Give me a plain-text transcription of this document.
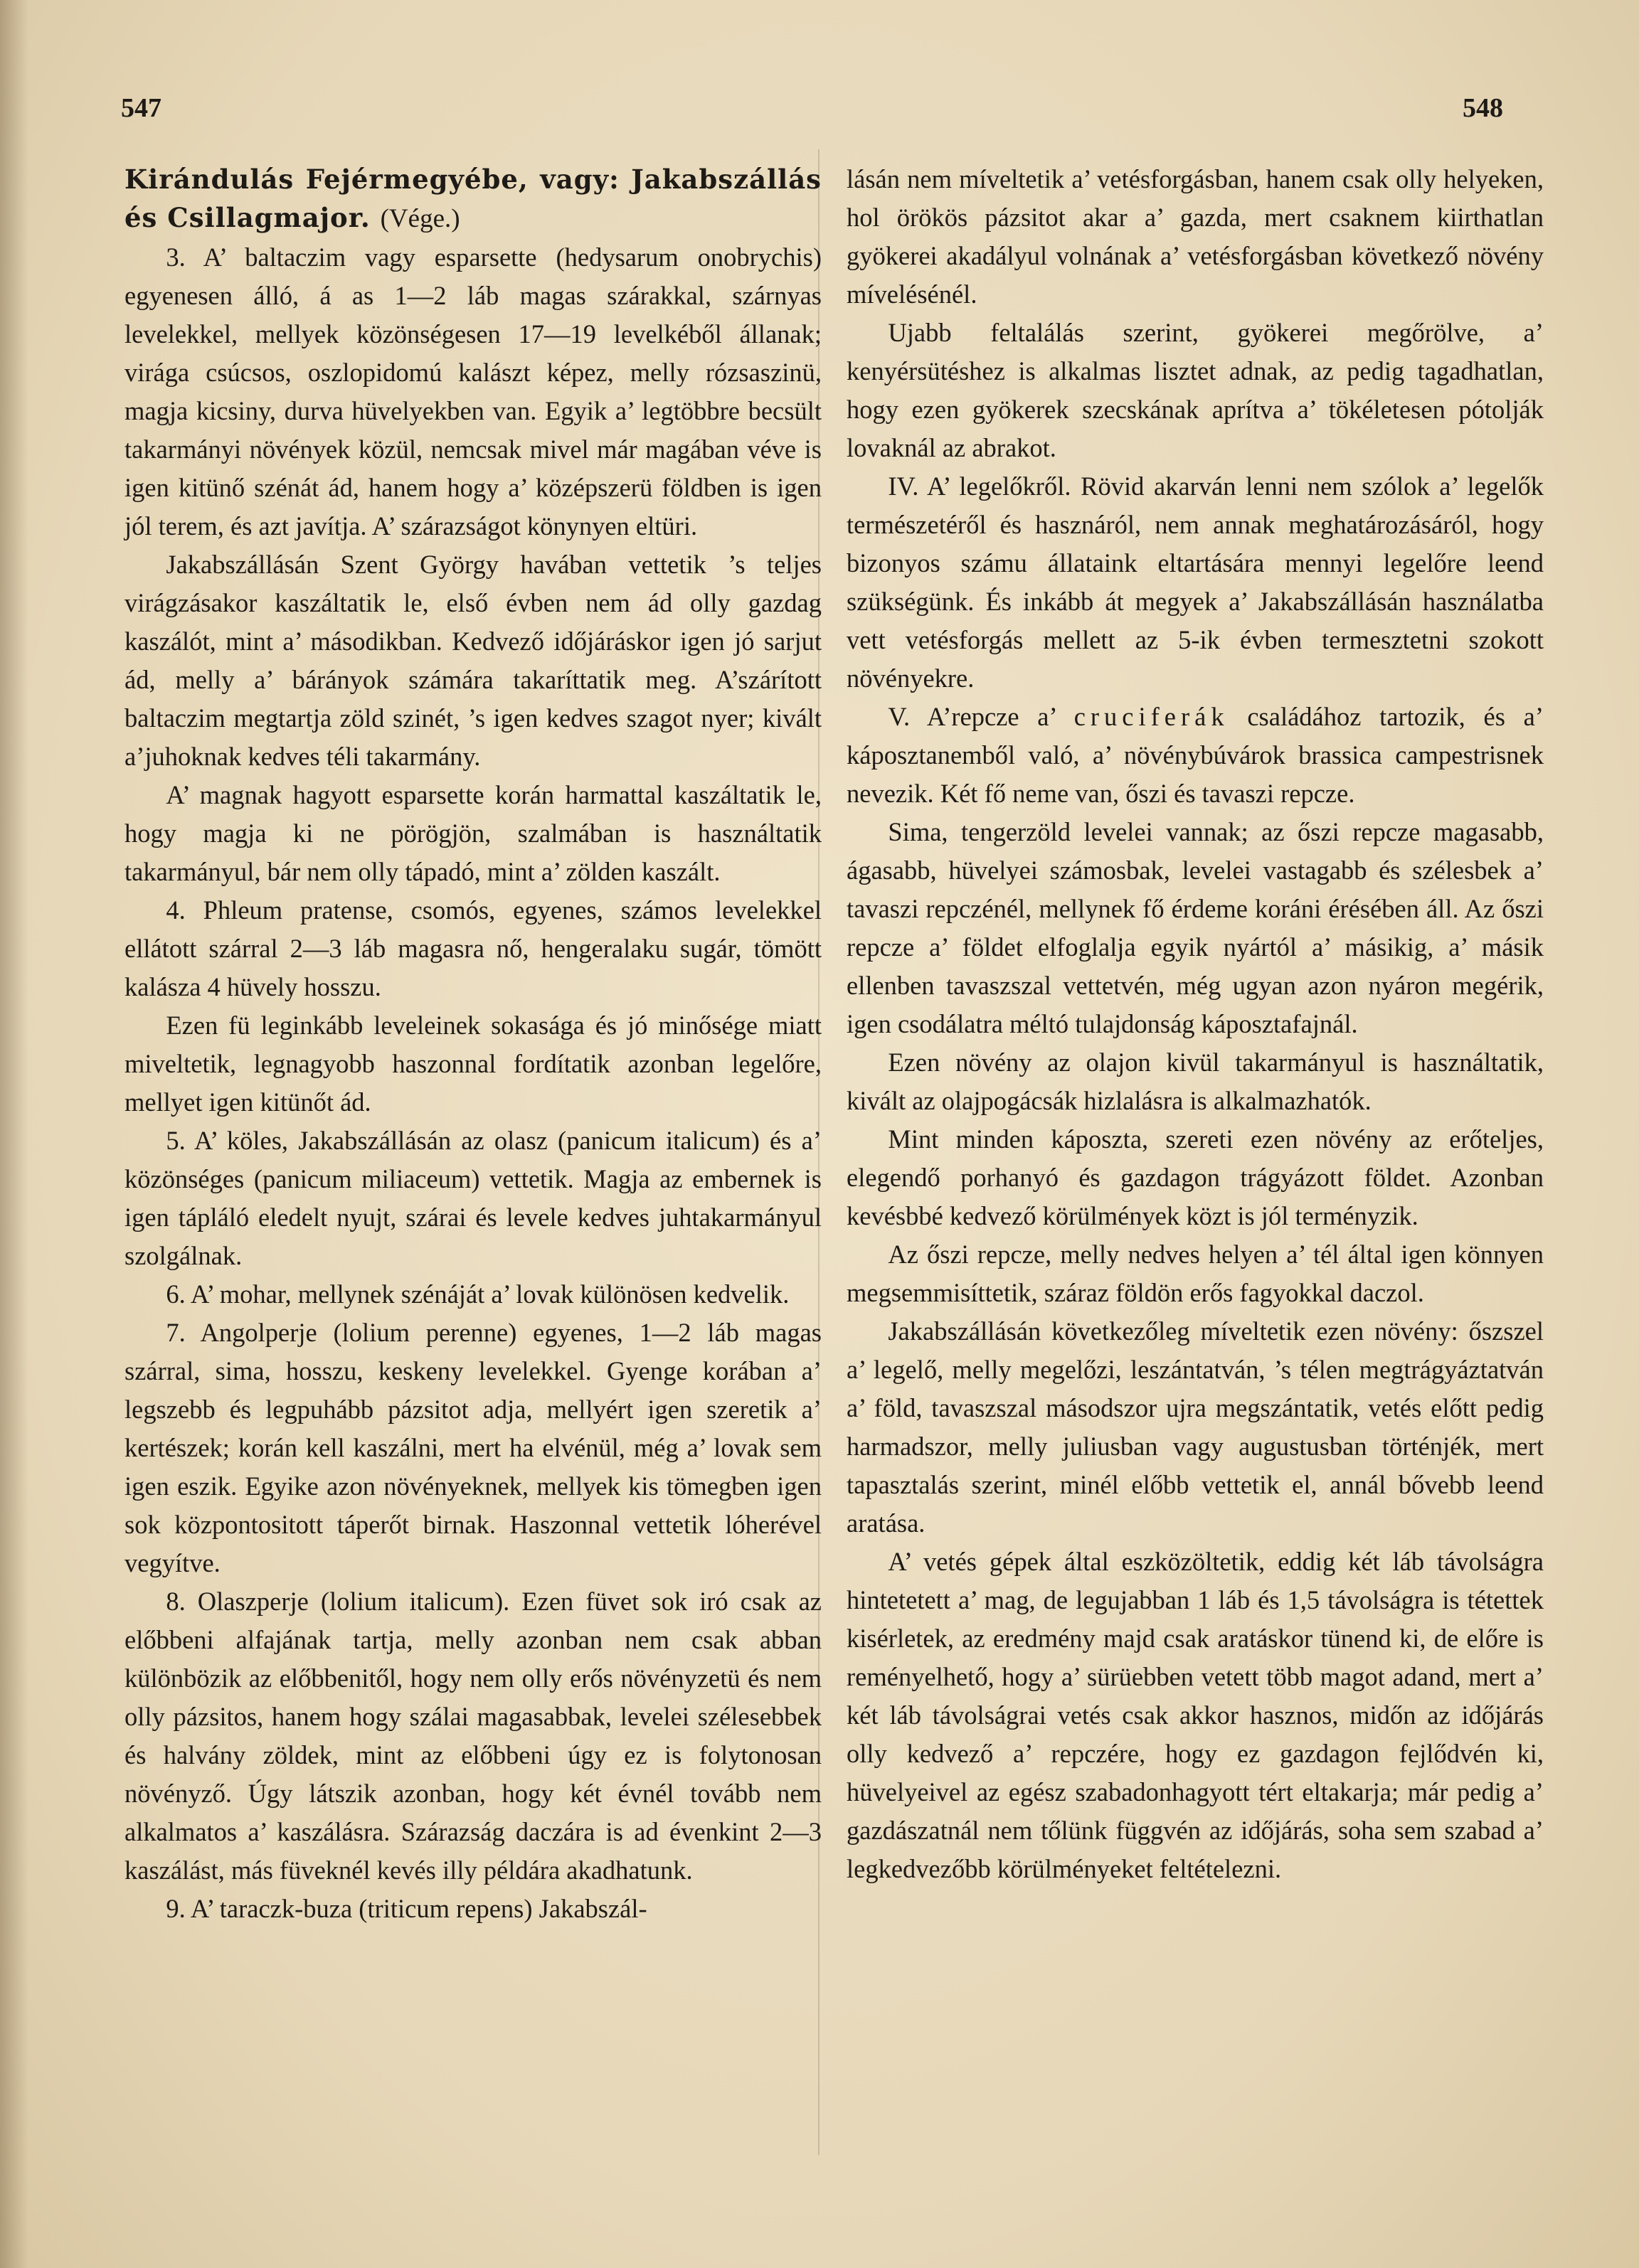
547	548

Kirándulás Fejérmegyébe, vagy: Jakabszállás és Csillagmajor. (Vége.)

3. A’ baltaczim vagy esparsette (hedysarum onobrychis) egyenesen álló, á as 1—2 láb magas szárakkal, szárnyas levelekkel, mellyek közönségesen 17—19 levelkéből állanak; virága csúcsos, oszlopidomú kalászt képez, melly rózsaszinü, magja kicsiny, durva hüvelyekben van. Egyik a’ legtöbbre becsült takarmányi növények közül, nemcsak mivel már magában véve is igen kitünő szénát ád, hanem hogy a’ középszerü földben is igen jól terem, és azt javítja. A’ szárazságot könynyen eltüri.

Jakabszállásán Szent György havában vettetik ’s teljes virágzásakor kaszáltatik le, első évben nem ád olly gazdag kaszálót, mint a’ másodikban. Kedvező időjáráskor igen jó sarjut ád, melly a’ bárányok számára takaríttatik meg. A’szárított baltaczim megtartja zöld szinét, ’s igen kedves szagot nyer; kivált a’juhoknak kedves téli takarmány.

A’ magnak hagyott esparsette korán harmattal kaszáltatik le, hogy magja ki ne pörögjön, szalmában is használtatik takarmányul, bár nem olly tápadó, mint a’ zölden kaszált.

4. Phleum pratense, csomós, egyenes, számos levelekkel ellátott szárral 2—3 láb magasra nő, hengeralaku sugár, tömött kalásza 4 hüvely hosszu.

Ezen fü leginkább leveleinek sokasága és jó minősége miatt miveltetik, legnagyobb haszonnal fordítatik azonban legelőre, mellyet igen kitünőt ád.

5. A’ köles, Jakabszállásán az olasz (panicum italicum) és a’ közönséges (panicum miliaceum) vettetik. Magja az embernek is igen tápláló eledelt nyujt, szárai és levele kedves juhtakarmányul szolgálnak.

6. A’ mohar, mellynek szénáját a’ lovak különösen kedvelik.

7. Angolperje (lolium perenne) egyenes, 1—2 láb magas szárral, sima, hosszu, keskeny levelekkel. Gyenge korában a’ legszebb és legpuhább pázsitot adja, mellyért igen szeretik a’ kertészek; korán kell kaszálni, mert ha elvénül, még a’ lovak sem igen eszik. Egyike azon növényeknek, mellyek kis tömegben igen sok központositott táperőt birnak. Haszonnal vettetik lóherével vegyítve.

8. Olaszperje (lolium italicum). Ezen füvet sok iró csak az előbbeni alfajának tartja, melly azonban nem csak abban különbözik az előbbenitől, hogy nem olly erős növényzetü és nem olly pázsitos, hanem hogy szálai magasabbak, levelei szélesebbek és halvány zöldek, mint az előbbeni úgy ez is folytonosan növényző. Úgy látszik azonban, hogy két évnél tovább nem alkalmatos a’ kaszálásra. Szárazság daczára is ad évenkint 2—3 kaszálást, más füveknél kevés illy példára akadhatunk.

9. A’ taraczk-buza (triticum repens) Jakabszál-

lásán nem míveltetik a’ vetésforgásban, hanem csak olly helyeken, hol örökös pázsitot akar a’ gazda, mert csaknem kiirthatlan gyökerei akadályul volnának a’ vetésforgásban következő növény mívelésénél.

Ujabb feltalálás szerint, gyökerei megőrölve, a’ kenyérsütéshez is alkalmas lisztet adnak, az pedig tagadhatlan, hogy ezen gyökerek szecskának aprítva a’ tökéletesen pótolják lovaknál az abrakot.

IV. A’ legelőkről. Rövid akarván lenni nem szólok a’ legelők természetéről és hasznáról, nem annak meghatározásáról, hogy bizonyos számu állataink eltartására mennyi legelőre leend szükségünk. És inkább át megyek a’ Jakabszállásán használatba vett vetésforgás mellett az 5-ik évben termesztetni szokott növényekre.

V. A’repcze a’ cruciferák családához tartozik, és a’ káposztanemből való, a’ növénybúvárok brassica campestrisnek nevezik. Két fő neme van, őszi és tavaszi repcze.

Sima, tengerzöld levelei vannak; az őszi repcze magasabb, ágasabb, hüvelyei számosbak, levelei vastagabb és szélesbek a’ tavaszi repczénél, mellynek fő érdeme koráni érésében áll. Az őszi repcze a’ földet elfoglalja egyik nyártól a’ másikig, a’ másik ellenben tavaszszal vettetvén, még ugyan azon nyáron megérik, igen csodálatra méltó tulajdonság káposztafajnál.

Ezen növény az olajon kivül takarmányul is használtatik, kivált az olajpogácsák hizlalásra is alkalmazhatók.

Mint minden káposzta, szereti ezen növény az erőteljes, elegendő porhanyó és gazdagon trágyázott földet. Azonban kevésbbé kedvező körülmények közt is jól terményzik.

Az őszi repcze, melly nedves helyen a’ tél által igen könnyen megsemmisíttetik, száraz földön erős fagyokkal daczol.

Jakabszállásán következőleg míveltetik ezen növény: őszszel a’ legelő, melly megelőzi, leszántatván, ’s télen megtrágyáztatván a’ föld, tavaszszal másodszor ujra megszántatik, vetés előtt pedig harmadszor, melly juliusban vagy augustusban történjék, mert tapasztalás szerint, minél előbb vettetik el, annál bővebb leend aratása.

A’ vetés gépek által eszközöltetik, eddig két láb távolságra hintetetett a’ mag, de legujabban 1 láb és 1,5 távolságra is tétettek kisérletek, az eredmény majd csak aratáskor tünend ki, de előre is reményelhető, hogy a’ sürüebben vetett több magot adand, mert a’ két láb távolságrai vetés csak akkor hasznos, midőn az időjárás olly kedvező a’ repczére, hogy ez gazdagon fejlődvén ki, hüvelyeivel az egész szabadonhagyott tért eltakarja; már pedig a’ gazdászatnál nem tőlünk függvén az időjárás, soha sem szabad a’ legkedvezőbb körülményeket feltételezni.
